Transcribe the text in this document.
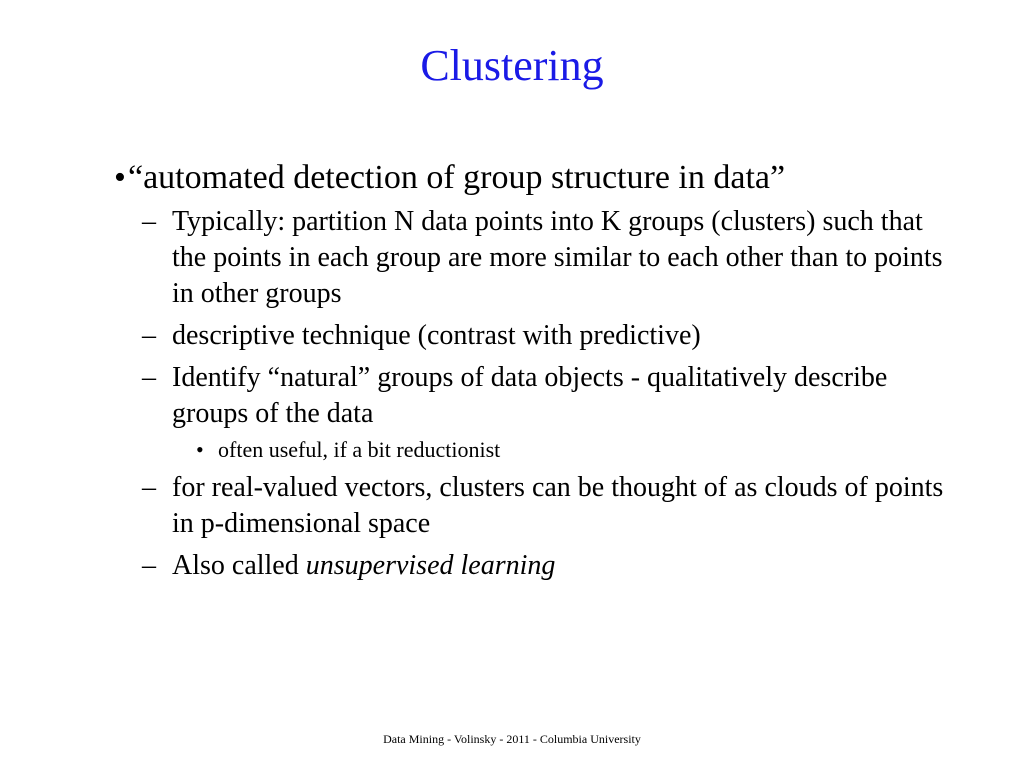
Clustering
• “automated detection of group structure in data”
– Typically: partition N data points into K groups (clusters) such that the points in each group are more similar to each other than to points in other groups
– descriptive technique (contrast with predictive)
– Identify “natural” groups of data objects - qualitatively describe groups of the data
• often useful, if a bit reductionist
– for real-valued vectors, clusters can be thought of as clouds of points in p-dimensional space
– Also called unsupervised learning
Data Mining - Volinsky - 2011 - Columbia University
